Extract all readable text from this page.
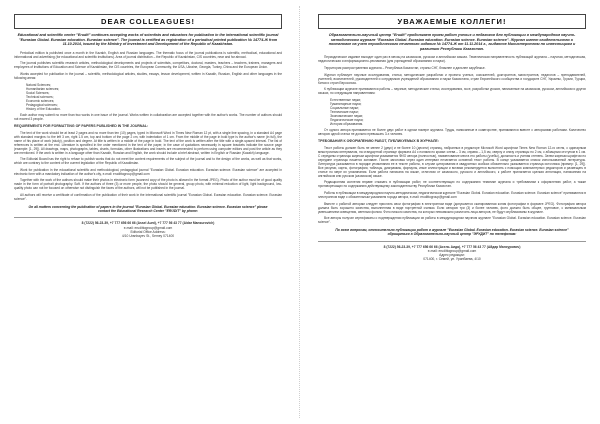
DEAR COLLEAGUES!
Educational and scientific center "Erudit" continues accepting works of scientists and educators for publication in the international scientific journal "Eurasian Global. Eurasian education. Eurasian science". The journal is certified as registration of a periodical printed publication № 14774-Ж from 11.10.2014, issued by the Ministry of Investment and Development of the Republic of Kazakhstan.

Periodical edition is published once a month in the Kazakh, English and Russian languages. The thematic focus of the journal publications is scientific, methodical, educational and informational and advertising (for educational and scientific institutions). Area of journal distribution – the Republic of Kazakhstan, CIS countries, near and far abroad.

The journal publishes scientific research articles, methodological developments and projects of scientists, competitors, doctoral, masters, teachers – teachers, trainers, managers and employees of institutions of Education and Science of Kazakhstan, the CIS countries, the European Community, the USA, Ukraine, Georgia, Turkey, China and the European Union.

Works accepted for publication in the journal – scientific, methodological articles, studies, essays, lesson development, written in Kazakh, Russian, English and other languages in the following areas:

Natural Sciences;
Humanitarian sciences;
Social Sciences;
Technical sciences;
Economic sciences;
Pedagogical sciences;
History of the Education.

Each author may submit no more than two works in one issue of the journal. Works written in collaboration are accepted together with the author's works. The number of authors should not exceed 3 people.

REQUIREMENTS FOR FORMATTING OF PAPERS PUBLISHED IN THE JOURNAL:

The text of the work should be at least 2 pages and no more than ten (10) pages, typed in Microsoft Word in Times New Roman 12 pt, with a single line spacing, in a standard A4 page with standard margins: to the left 3 cm, right 1.5 cm, top and bottom of the page 2 cm, with indentation of 1 cm. From the middle of the page in bold type is the author's name (in full), the name of his place of work (study), position and degree. At title is written in a middle of the page in bold. The text of the work is written after the title with a single-spaced interval. The list of references is written at the end. Literature is specified in the order mentioned in the text of the paper, in the case of quotations necessarily in square brackets indicate the source page (example: [1, 29]). All drawings, maps, photographs, tables, charts, formulas, other illustrations and inserts are recommended to perform using computer editors and post the article as they are mentioned. If the work is written in a language other than Kazakh, Russian and English, the work should include a brief abstract, written in English or Russian (Kazakh) language.

The Editorial Board has the right to refuse to publish works that do not meet the content requirements of the subject of the journal and to the design of the works, as well as that works, which are contrary to the content of the current legislation of the Republic of Kazakhstan.

Work for publication in the educational scientific and methodological, pedagogical journal "Eurasian Global. Eurasian education. Eurasian science. Eurasian science" are accepted in electronic form with a mandatory indication of the author's city, e-mail: erudittogroup@gmail.com

Together with the work of the authors should make their photos in electronic form (scanned copy of the photo is allowed in the format JPEG). Photo of the author must be of good quality made in the form of portrait photography. Soft. If the authors of three (3) or more people, the photo should be general, group photo, with minimal reduction of light, light background, low-quality photo can not be focused on otherwise not distinguish the faces of the authors, will not be published in the journal.

All authors will receive a certificate of confirmation of the publication of their work in the international scientific journal "Eurasian Global. Eurasian education. Eurasian science. Eurasian science".

On all matters concerning the publication of papers in the journal "Eurasian Global. Eurasian education. Eurasian science. Eurasian science" please contact the Educational Research Center "ERUDIT" by phone:
8 (7222) 56-23-39, +7 777 656 66 66 (Assel Aunt), +7 777 56 43 77 (Aidar Mansurovich)
e-mail: erudittogroup@gmail.com
Editorial Office Address:
4/10 Uranbayev St., Semey 071400
УВАЖАЕМЫЕ КОЛЛЕГИ!
Образовательно-научный центр "Erudit" продолжает прием работ ученых и педагогов для публикации в международном научно-методическом журнале "Eurasian Global. Eurasian education. Eurasian science. Eurasian science". Журнал имеет свидетельство о постановке на учет периодического печатного издания № 14774-Ж от 11.11.2014 г., выданное Министерством по инвестициям и развитию Республики Казахстан.

Периодическое издание выходит один раз в месяц на казахском, русском и английском языках. Тематическая направленность публикаций журнала – научная, методическая, педагогическая и информационно-рекламная (для учреждений образования и науки).

Территория распространения журнала – Республика Казахстан, страны СНГ, ближнее и дальнее зарубежье.

Журнал публикует научные исследования, статьи, методические разработки и проекты ученых, соискателей, докторантов, магистрантов, педагогов – преподавателей, учителей, воспитателей, руководителей и сотрудников учреждений образования и науки Казахстана, стран Европейского сообщества и государств СНГ, Украины, Грузии, Турции, Китая и стран Евросоюза.

К публикации журнале принимаются работы – научные, методические статьи, исследования, эссе, разработки уроков, написанные на казахском, русском, английском и других языках, по следующим направлениям:

Естественные науки;
Гуманитарные науки;
Социальные науки;
Технические науки;
Экономические науки;
Педагогические науки;
История образования.

От одного автора принимается не более двух работ в одном номере журнала. Труды, написанные в соавторстве, принимаются вместе с авторскими работами. Количество авторов одной статьи не должно превышать 3-х человек.

ТРЕБОВАНИЯ К ОФОРМЛЕНИЮ РАБОТ, ПУБЛИКУЕМЫХ В ЖУРНАЛЕ:

Текст работы должен быть не менее 2 (двух) и не более 10 (десяти) страниц, набранных в редакторе Microsoft Word шрифтом Times New Roman 12-го кегля, с одинарным межстрочным интервалом, на стандартной странице формата А4 с полями по краям: слева – 3 см, справа – 1,5 см, сверху и снизу страницы по 2 см, с абзацным отступом в 1 см. С середины страницы жирным шрифтом указывается ФИО автора (полностью), наименование места его работы (учебы), должность и ученая степень. Затем жирным шрифтом по середине страницы пишется заглавие. После заголовка через один интервал печатается основной текст работы. В конце указывается список использованной литературы. Литература указывается в порядке упоминания ее в тексте работы, в случае цитирования в квадратных скобках обязательно указывается страница источника (пример: [1, 29]). Все рисунки, карты, фотографии, таблицы, диаграммы, формулы, иные иллюстрации и вставки рекомендуется выполнять с помощью компьютерных редакторов и размещать в статье по мере их упоминания. Если работа написана на языке, отличном от казахского, русского и английского, к работе прилагается краткая аннотация, написанная на английском или русском (казахском) языке.

Редакционная коллегия вправе отказать в публикации работ, не соответствующих по содержанию тематике журнала и требованиям к оформлению работ, а также противоречащих по содержанию действующему законодательству Республики Казахстан.

Работы в публикации в международном научно-методическом, педагогическом журнале "Eurasian Global. Eurasian education. Eurasian science. Eurasian science" принимаются в электронном виде с обязательным указанием города автора, e-mail: erudittogroup@gmail.com

Вместе с работой авторам следует прислать свои фотографии в электронном виде (допускается сканированная копия фотографии в формате JPEG). Фотография автора должна быть хорошего качества, выполненная в виде портретной съемки. Если авторов три (3) и более человек, фото должно быть общее, групповое, с минимальным уменьшением освещения, светлым фоном. Фото низкого качества, на которых невозможно различить лица авторов, не будут опубликованы в журнале.

Все авторы получат сертификаты о подтверждении публикации их работы в международном научном журнале "Eurasian Global. Eurasian education. Eurasian science. Eurasian science".

По всем вопросам, относительно публикации работ в журнале "Eurasian Global. Eurasian education. Eurasian science. Eurasian science" обращаться в Образовательно-научный центр "ЭРУДИТ" по телефонам:
8 (7222) 56-23-39, +7 777 656 66 66 (Асель Аида), +7 777 56 43 77 (Айдар Мансурович)
e-mail: erudittogroup@gmail.com
Адрес редакции:
071400, г. Семей, ул. Уранбаева, 4/10
